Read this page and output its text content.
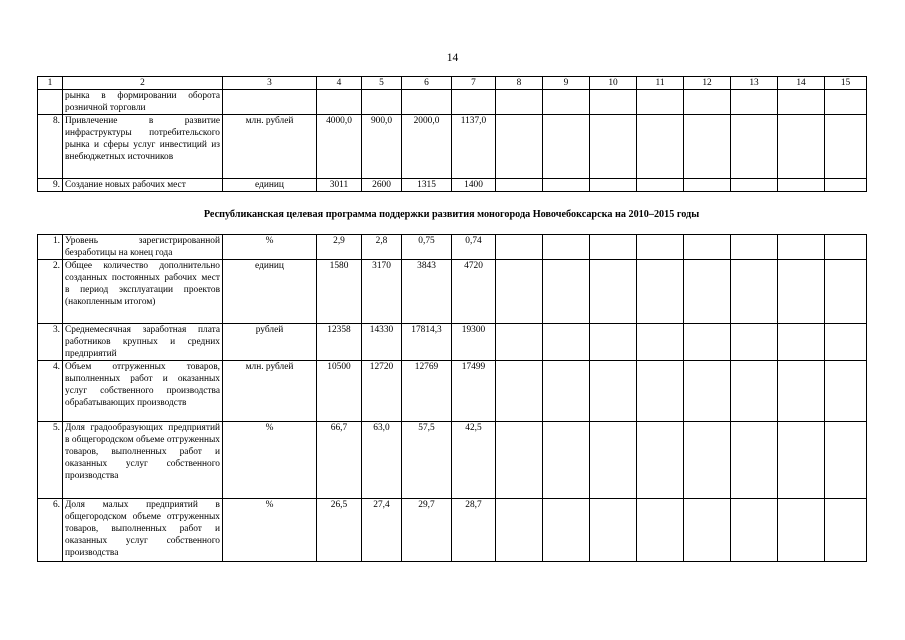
14
1	2	3	4	5	6	7	8	9	10	11	12	13	14	15
	рынка в формировании оборота розничной торговли													
8.	Привлечение в развитие инфраструктуры потребительского рынка и сферы услуг инвестиций из внебюджетных источников	млн. рублей	4000,0	900,0	2000,0	1137,0								
9.	Создание новых рабочих мест	единиц	3011	2600	1315	1400								
Республиканская целевая программа поддержки развития моногорода Новочебоксарска на 2010–2015 годы
1.	Уровень зарегистрированной безработицы на конец года	%	2,9	2,8	0,75	0,74								
2.	Общее количество дополнительно созданных постоянных рабочих мест в период эксплуатации проектов (накопленным итогом)	единиц	1580	3170	3843	4720								
3.	Среднемесячная заработная плата работников крупных и средних предприятий	рублей	12358	14330	17814,3	19300								
4.	Объем отгруженных товаров, выполненных работ и оказанных услуг собственного производства обрабатывающих производств	млн. рублей	10500	12720	12769	17499								
5.	Доля градообразующих предприятий в общегородском объеме отгруженных товаров, выполненных работ и оказанных услуг собственного производства	%	66,7	63,0	57,5	42,5								
6.	Доля малых предприятий в общегородском объеме отгруженных товаров, выполненных работ и оказанных услуг собственного производства	%	26,5	27,4	29,7	28,7								
